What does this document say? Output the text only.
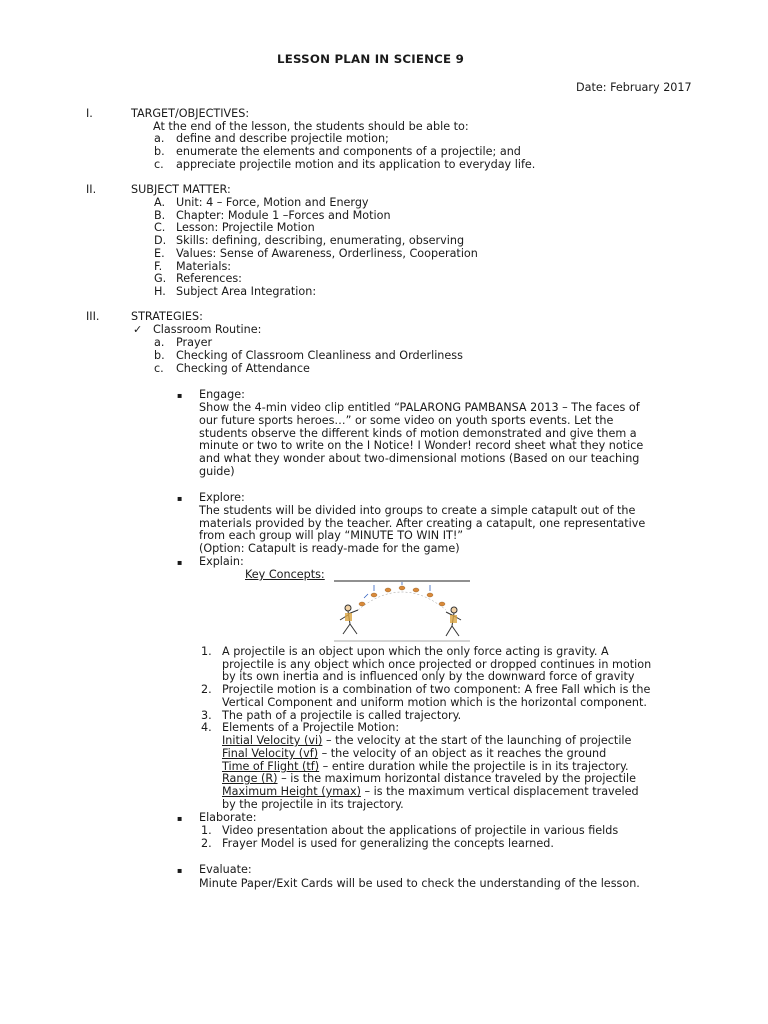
LESSON PLAN IN SCIENCE 9
Date: February 2017
I.	TARGET/OBJECTIVES:
At the end of the lesson, the students should be able to:
a. define and describe projectile motion;
b. enumerate the elements and components of a projectile; and
c. appreciate projectile motion and its application to everyday life.
II.	SUBJECT MATTER:
A. Unit: 4 – Force, Motion and Energy
B. Chapter: Module 1 –Forces and Motion
C. Lesson: Projectile Motion
D. Skills: defining, describing, enumerating, observing
E. Values: Sense of Awareness, Orderliness, Cooperation
F. Materials:
G. References:
H. Subject Area Integration:
III.	STRATEGIES:
✓ Classroom Routine:
a. Prayer
b. Checking of Classroom Cleanliness and Orderliness
c. Checking of Attendance
▪ Engage:
Show the 4-min video clip entitled “PALARONG PAMBANSA 2013 – The faces of
our future sports heroes…” or some video on youth sports events. Let the
students observe the different kinds of motion demonstrated and give them a
minute or two to write on the I Notice! I Wonder! record sheet what they notice
and what they wonder about two-dimensional motions (Based on our teaching
guide)
▪ Explore:
The students will be divided into groups to create a simple catapult out of the
materials provided by the teacher. After creating a catapult, one representative
from each group will play “MINUTE TO WIN IT!”
(Option: Catapult is ready-made for the game)
▪ Explain:
Key Concepts:
1. A projectile is an object upon which the only force acting is gravity. A
projectile is any object which once projected or dropped continues in motion
by its own inertia and is influenced only by the downward force of gravity
2. Projectile motion is a combination of two component: A free Fall which is the
Vertical Component and uniform motion which is the horizontal component.
3. The path of a projectile is called trajectory.
4. Elements of a Projectile Motion:
Initial Velocity (vi) – the velocity at the start of the launching of projectile
Final Velocity (vf) – the velocity of an object as it reaches the ground
Time of Flight (tf) – entire duration while the projectile is in its trajectory.
Range (R) – is the maximum horizontal distance traveled by the projectile
Maximum Height (ymax) – is the maximum vertical displacement traveled
by the projectile in its trajectory.
▪ Elaborate:
1. Video presentation about the applications of projectile in various fields
2. Frayer Model is used for generalizing the concepts learned.
▪ Evaluate:
Minute Paper/Exit Cards will be used to check the understanding of the lesson.
